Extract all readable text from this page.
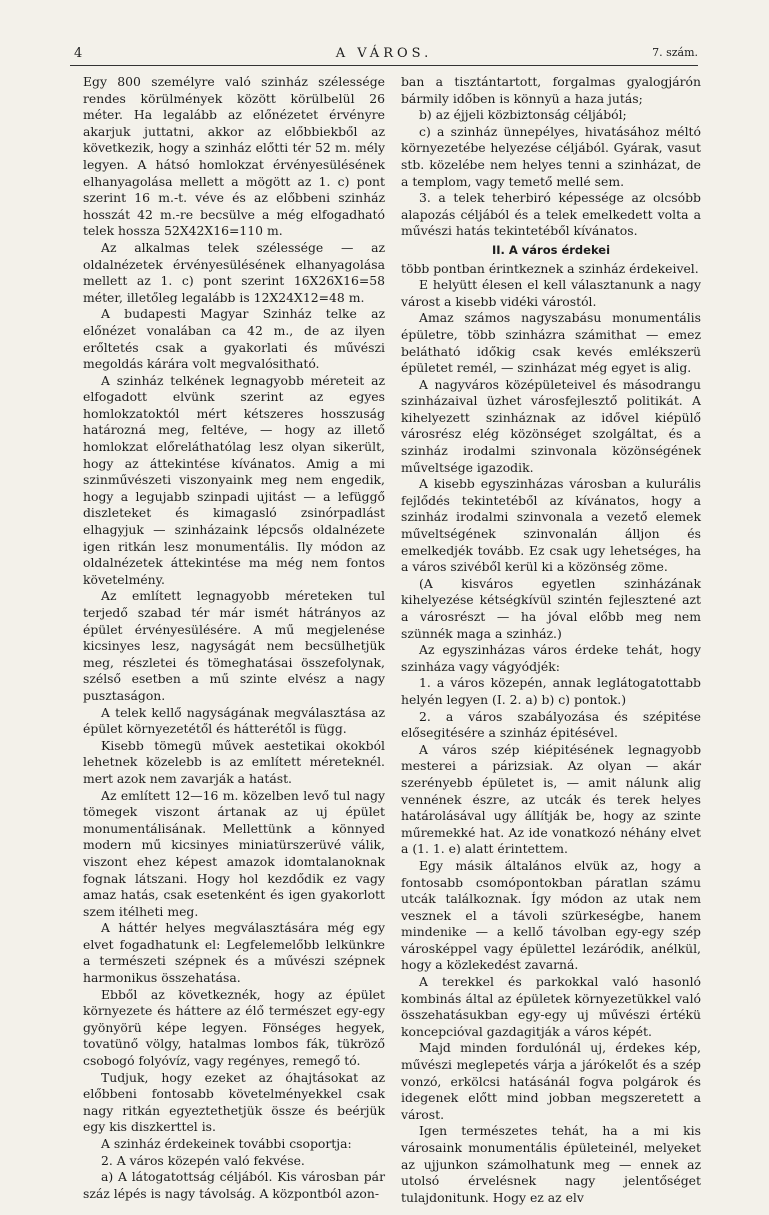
4	A VÁROS.	7. szám.

Egy 800 személyre való szinház szélessége rendes körülmények között körülbelül 26 méter. Ha legalább az előnézetet érvényre akarjuk juttatni, akkor az előbbiekből az következik, hogy a szinház előtti tér 52 m. mély legyen. A hátsó homlokzat érvényesülésének elhanyagolása mellett a mögött az 1. c) pont szerint 16 m.-t. véve és az előbbeni szinház hosszát 42 m.-re becsülve a még elfogadható telek hossza 52X42X16=110 m.

Az alkalmas telek szélessége — az oldalnézetek érvényesülésének elhanyagolása mellett az 1. c) pont szerint 16X26X16=58 méter, illetőleg legalább is 12X24X12=48 m.

A budapesti Magyar Szinház telke az előnézet vonalában ca 42 m., de az ilyen erőltetés csak a gyakorlati és művészi megoldás kárára volt megvalósitható.

A szinház telkének legnagyobb méreteit az elfogadott elvünk szerint az egyes homlokzatoktól mért kétszeres hosszuság határozná meg, feltéve, — hogy az illető homlokzat előreláthatólag lesz olyan sikerült, hogy az áttekintése kívánatos. Amig a mi szinművészeti viszonyaink meg nem engedik, hogy a legujabb szinpadi ujitást — a lefüggő diszleteket és kimagasló zsinórpadlást elhagyjuk — szinházaink lépcsős oldalnézete igen ritkán lesz monumentális. Ily módon az oldalnézetek áttekintése ma még nem fontos követelmény.

Az említett legnagyobb méreteken tul terjedő szabad tér már ismét hátrányos az épület érvényesülésére. A mű megjelenése kicsinyes lesz, nagyságát nem becsülhetjük meg, részletei és tömeghatásai összefolynak, szélső esetben a mű szinte elvész a nagy pusztaságon.

A telek kellő nagyságának megválasztása az épület környezetétől és hátterétől is függ.

Kisebb tömegü művek aestetikai okokból lehetnek közelebb is az említett méreteknél. mert azok nem zavarják a hatást.

Az említett 12—16 m. közelben levő tul nagy tömegek viszont ártanak az uj épület monumentálisának. Mellettünk a könnyed modern mű kicsinyes miniatürszerüvé válik, viszont ehez képest amazok idomtalanoknak fognak látszani. Hogy hol kezdődik ez vagy amaz hatás, csak esetenként és igen gyakorlott szem itélheti meg.

A háttér helyes megválasztására még egy elvet fogadhatunk el: Legfelemelőbb lelkünkre a természeti szépnek és a művészi szépnek harmonikus összehatása.

Ebből az következnék, hogy az épület környezete és háttere az élő természet egy-egy gyönyörü képe legyen. Fönséges hegyek, tovatünő völgy, hatalmas lombos fák, tükröző csobogó folyóvíz, vagy regényes, remegő tó.

Tudjuk, hogy ezeket az óhajtásokat az előbbeni fontosabb követelményekkel csak nagy ritkán egyeztethetjük össze és beérjük egy kis diszkerttel is.

A szinház érdekeinek további csoportja:

2. A város közepén való fekvése.

a) A látogatottság céljából. Kis városban pár száz lépés is nagy távolság. A központból azon-

ban a tisztántartott, forgalmas gyalogjárón bármily időben is könnyü a haza jutás;

b) az éjjeli közbiztonság céljából;

c) a szinház ünnepélyes, hivatásához méltó környezetébe helyezése céljából. Gyárak, vasut stb. közelébe nem helyes tenni a szinházat, de a templom, vagy temető mellé sem.

3. a telek teherbiró képessége az olcsóbb alapozás céljából és a telek emelkedett volta a művészi hatás tekintetéből kívánatos.

II. A város érdekei

több pontban érintkeznek a szinház érdekeivel.

E helyütt élesen el kell választanunk a nagy várost a kisebb vidéki várostól.

Amaz számos nagyszabásu monumentális épületre, több szinházra számithat — emez belátható időkig csak kevés emlékszerü épületet remél, — szinházat még egyet is alig.

A nagyváros középületeivel és másodrangu szinházaival üzhet városfejlesztő politikát. A kihelyezett szinháznak az idővel kiépülő városrész elég közönséget szolgáltat, és a szinház irodalmi szinvonala közönségének műveltsége igazodik.

A kisebb egyszinházas városban a kulurális fejlődés tekintetéből az kívánatos, hogy a szinház irodalmi szinvonala a vezető elemek műveltségének szinvonalán álljon és emelkedjék tovább. Ez csak ugy lehetséges, ha a város szivéből kerül ki a közönség zöme.

(A kisváros egyetlen szinházának kihelyezése kétségkívül szintén fejlesztené azt a városrészt — ha jóval előbb meg nem szünnék maga a szinház.)

Az egyszinházas város érdeke tehát, hogy szinháza vagy vágyódjék:

1. a város közepén, annak leglátogatottabb helyén legyen (I. 2. a) b) c) pontok.)

2. a város szabályozása és szépitése elősegitésére a szinház épitésével.

A város szép kiépitésének legnagyobb mesterei a párizsiak. Az olyan — akár szerényebb épületet is, — amit nálunk alig vennének észre, az utcák és terek helyes határolásával ugy állítják be, hogy az szinte műremekké hat. Az ide vonatkozó néhány elvet a (1. 1. e) alatt érintettem.

Egy másik általános elvük az, hogy a fontosabb csomópontokban páratlan számu utcák találkoznak. Így módon az utak nem vesznek el a távoli szürkeségbe, hanem mindenike — a kellő távolban egy-egy szép városképpel vagy épülettel lezáródik, anélkül, hogy a közlekedést zavarná.

A terekkel és parkokkal való hasonló kombinás által az épületek környezetükkel való összehatásukban egy-egy uj művészi értékü koncepcióval gazdagitják a város képét.

Majd minden fordulónál uj, érdekes kép, művészi meglepetés várja a járókelőt és a szép vonzó, erkölcsi hatásánál fogva polgárok és idegenek előtt mind jobban megszeretett a várost.

Igen természetes tehát, ha a mi kis városaink monumentális épületeinél, melyeket az ujjunkon számolhatunk meg — ennek az utolsó érvelésnek nagy jelentőséget tulajdonitunk. Hogy ez az elv
